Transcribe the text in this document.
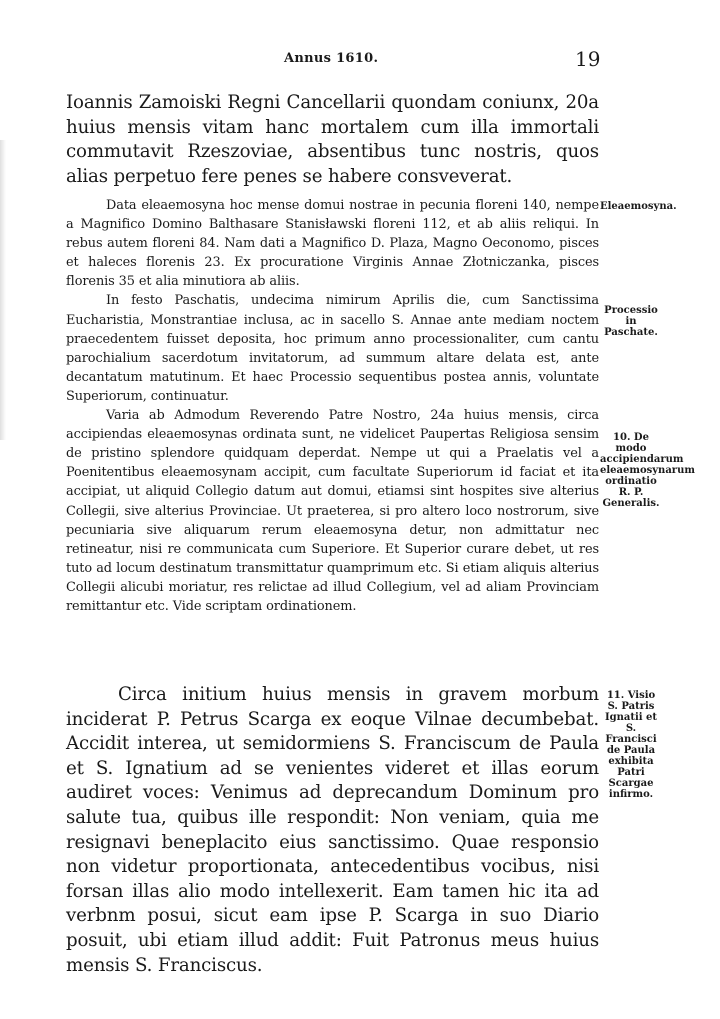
Annus 1610.	19

Ioannis Zamoiski Regni Cancellarii quondam coniunx, 20a huius mensis vitam hanc mortalem cum illa immortali commutavit Rzeszoviae, absentibus tunc nostris, quos alias perpetuo fere penes se habere consveverat.

Data eleaemosyna hoc mense domui nostrae in pecunia floreni 140, nempe a Magnifico Domino Balthasare Stanisławski floreni 112, et ab aliis reliqui. In rebus autem floreni 84. Nam dati a Magnifico D. Plaza, Magno Oeconomo, pisces et haleces florenis 23. Ex procuratione Virginis Annae Złotniczanka, pisces florenis 35 et alia minutiora ab aliis.

In festo Paschatis, undecima nimirum Aprilis die, cum Sanctissima Eucharistia, Monstrantiae inclusa, ac in sacello S. Annae ante mediam noctem praecedentem fuisset deposita, hoc primum anno processionaliter, cum cantu parochialium sacerdotum invitatorum, ad summum altare delata est, ante decantatum matutinum. Et haec Processio sequentibus postea annis, voluntate Superiorum, continuatur.

Varia ab Admodum Reverendo Patre Nostro, 24a huius mensis, circa accipiendas eleaemosynas ordinata sunt, ne videlicet Paupertas Religiosa sensim de pristino splendore quidquam deperdat. Nempe ut qui a Praelatis vel a Poenitentibus eleaemosynam accipit, cum facultate Superiorum id faciat et ita accipiat, ut aliquid Collegio datum aut domui, etiamsi sint hospites sive alterius Collegii, sive alterius Provinciae. Ut praeterea, si pro altero loco nostrorum, sive pecuniaria sive aliquarum rerum eleaemosyna detur, non admittatur nec retineatur, nisi re communicata cum Superiore. Et Superior curare debet, ut res tuto ad locum destinatum transmittatur quamprimum etc. Si etiam aliquis alterius Collegii alicubi moriatur, res relictae ad illud Collegium, vel ad aliam Provinciam remittantur etc. Vide scriptam ordinationem.

Circa initium huius mensis in gravem morbum inciderat P. Petrus Scarga ex eoque Vilnae decumbebat. Accidit interea, ut semidormiens S. Franciscum de Paula et S. Ignatium ad se venientes videret et illas eorum audiret voces: Venimus ad deprecandum Dominum pro salute tua, quibus ille respondit: Non veniam, quia me resignavi beneplacito eius sanctissimo. Quae responsio non videtur proportionata, antecedentibus vocibus, nisi forsan illas alio modo intellexerit. Eam tamen hic ita ad verbnm posui, sicut eam ipse P. Scarga in suo Diario posuit, ubi etiam illud addit: Fuit Patronus meus huius mensis S. Franciscus.

Eleaemosyna.
Processio in Paschate.
10. De modo accipiendarum eleaemosynarum ordinatio R. P. Generalis.
11. Visio S. Patris Ignatii et S. Francisci de Paula exhibita Patri Scargae infirmo.
